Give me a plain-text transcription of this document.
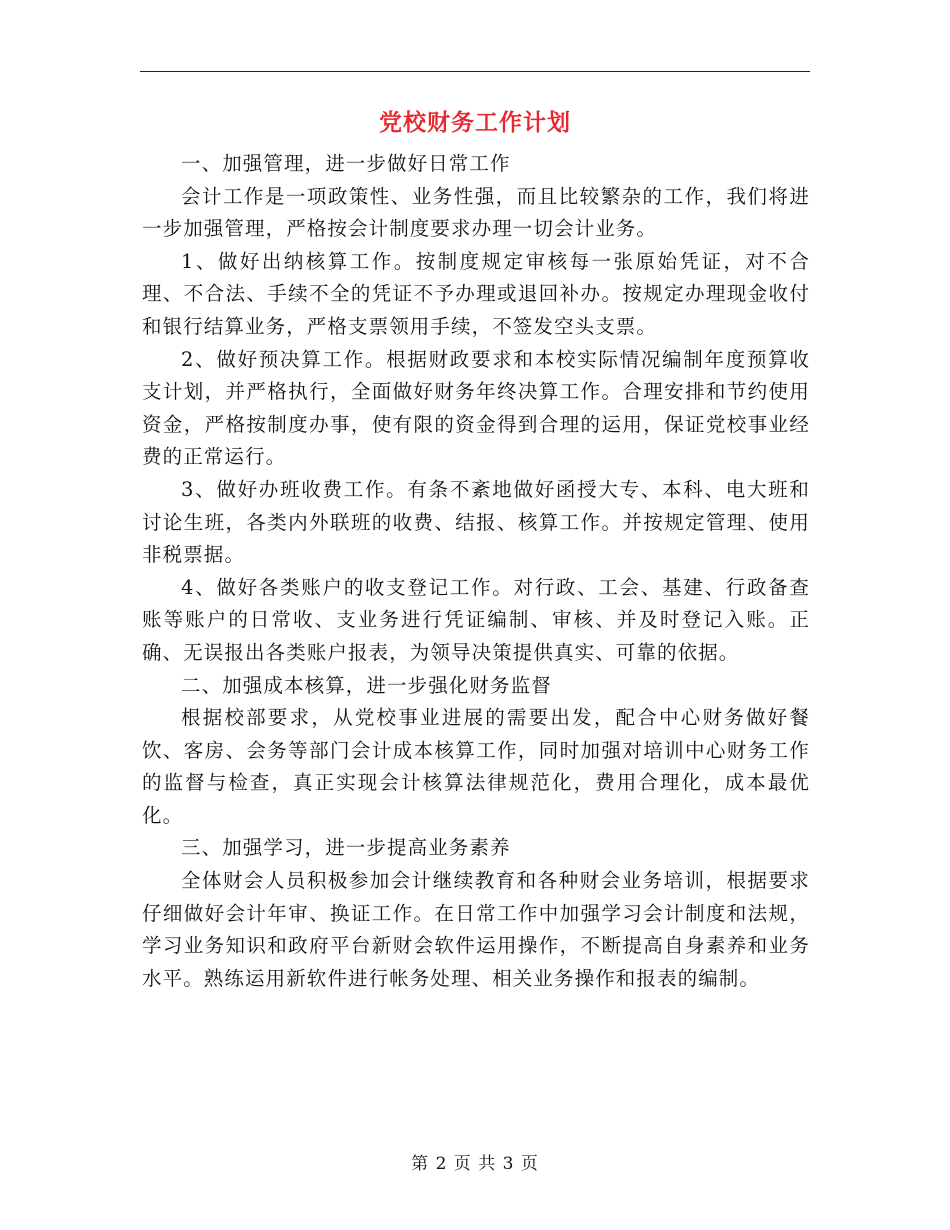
党校财务工作计划

一、加强管理，进一步做好日常工作

会计工作是一项政策性、业务性强，而且比较繁杂的工作，我们将进一步加强管理，严格按会计制度要求办理一切会计业务。

1、做好出纳核算工作。按制度规定审核每一张原始凭证，对不合理、不合法、手续不全的凭证不予办理或退回补办。按规定办理现金收付和银行结算业务，严格支票领用手续，不签发空头支票。

2、做好预决算工作。根据财政要求和本校实际情况编制年度预算收支计划，并严格执行，全面做好财务年终决算工作。合理安排和节约使用资金，严格按制度办事，使有限的资金得到合理的运用，保证党校事业经费的正常运行。

3、做好办班收费工作。有条不紊地做好函授大专、本科、电大班和讨论生班，各类内外联班的收费、结报、核算工作。并按规定管理、使用非税票据。

4、做好各类账户的收支登记工作。对行政、工会、基建、行政备查账等账户的日常收、支业务进行凭证编制、审核、并及时登记入账。正确、无误报出各类账户报表，为领导决策提供真实、可靠的依据。

二、加强成本核算，进一步强化财务监督

根据校部要求，从党校事业进展的需要出发，配合中心财务做好餐饮、客房、会务等部门会计成本核算工作，同时加强对培训中心财务工作的监督与检查，真正实现会计核算法律规范化，费用合理化，成本最优化。

三、加强学习，进一步提高业务素养

全体财会人员积极参加会计继续教育和各种财会业务培训，根据要求仔细做好会计年审、换证工作。在日常工作中加强学习会计制度和法规，学习业务知识和政府平台新财会软件运用操作，不断提高自身素养和业务水平。熟练运用新软件进行帐务处理、相关业务操作和报表的编制。

第 2 页 共 3 页
